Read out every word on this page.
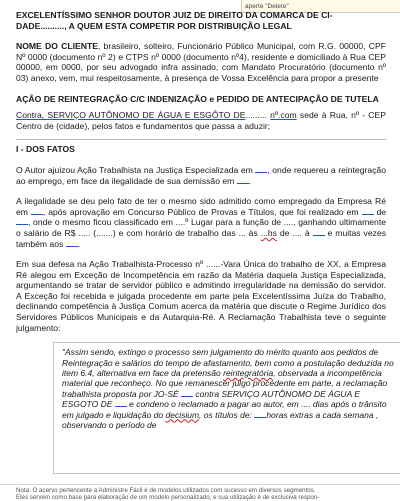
aperte "Delete"

EXCELENTÍSSIMO SENHOR DOUTOR JUIZ DE DIREITO DA COMARCA DE CI-
DADE.........., A QUEM ESTA COMPETIR POR DISTRIBUIÇÃO LEGAL

NOME DO CLIENTE, brasileiro, solteiro, Funcionário Público Municipal, com R.G. 00000, CPF Nº 0000 (documento nº 2) e CTPS nº 0000 (documento nº4), residente e domiciliado à Rua CEP 00000, em 0000, por seu advogado infra assinado, com Mandato Procuratório (documento nº 03) anexo, vem, mui respeitosamente, à presença de Vossa Excelência para propor a presente

AÇÃO DE REINTEGRAÇÃO C/C INDENIZAÇÃO e PEDIDO DE ANTECIPAÇÃO DE TUTELA

Contra, SERVIÇO AUTÔNOMO DE ÁGUA E ESGÔTO DE......... nº.com sede à Rua, nº - CEP Centro de (cidade), pelos fatos e fundamentos que passa a aduzir;

I - DOS FATOS

O Autor ajuizou Ação Trabalhista na Justiça Especializada em , onde requereu a reintegração ao emprego, em face da ilegalidade de sua demissão em .

A ilegalidade se deu pelo fato de ter o mesmo sido admitido como empregado da Empresa Ré em , após aprovação em Concurso Público de Provas e Títulos, que foi realizado em  de , onde o mesmo ficou classificado em ....º Lugar para a função de ...., ganhando ultimamente o salário de R$ ..... (.......) e com horário de trabalho das ... às ...hs de .... à  e muitas vezes também aos .

Em sua defesa na Ação Trabalhista-Processo nº ......-Vara Única do trabalho de XX, a Empresa Ré alegou em Exceção de Incompetência em razão da Matéria daquela Justiça Especializada, argumentando se tratar de servidor público e admitindo irregularidade na demissão do servidor. A Exceção foi recebida e julgada procedente em parte pela Excelentíssima Juíza do Trabalho, declinando competência à Justiça Comum acerca da matéria que discute o Regime Jurídico dos Servidores Públicos Municipais e da Autarquia-Ré. A Reclamação Trabalhista teve o seguinte julgamento:

"Assim sendo, extingo o processo sem julgamento do mérito quanto aos pedidos de Reintegração e salários do tempo de afastamento, bem como a postulação deduzida no item 6.4, alternativa em face da pretensão reintegratória, observada a incompetência material que reconheço. No que remanescer julgo procedente em parte, a reclamação trabalhista proposta por JO-SÉ  contra SERVIÇO AUTÔNOMO DE ÁGUA E ESGOTO DE  e condeno o reclamado a pagar ao autor, em .... dias após o trânsito em julgado e liquidação do decisium, os títulos de: horas extras a cada semana , observando o período de
Nota: O acervo pertencente a Administre Fácil é de modelos utilizados com sucesso em diversos segmentos.
Eles servem como base para elaboração de um modelo personalizado, e sua utilização é de exclusiva respon-
